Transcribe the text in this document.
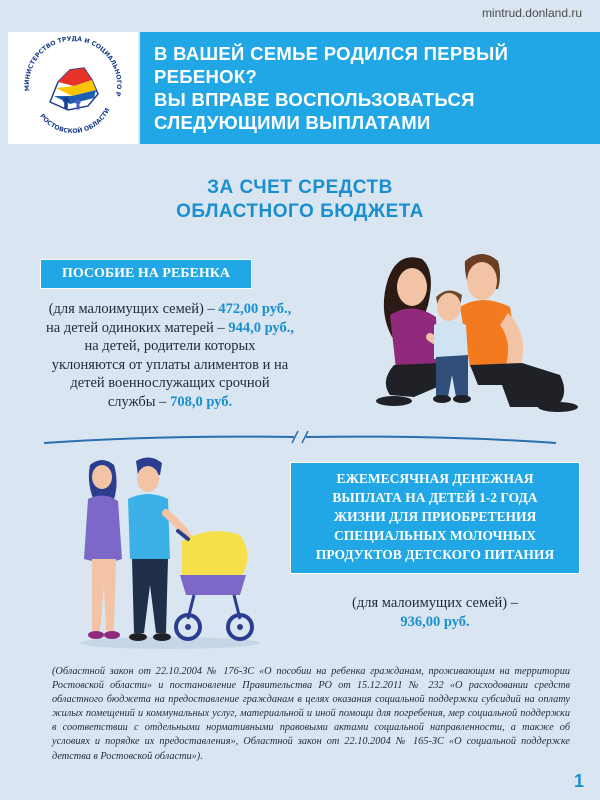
mintrud.donland.ru
МИНИСТЕРСТВО ТРУДА И СОЦИАЛЬНОГО Р
РОСТОВСКОЙ ОБЛАСТИ
В ВАШЕЙ СЕМЬЕ РОДИЛСЯ ПЕРВЫЙ
РЕБЕНОК?
ВЫ ВПРАВЕ ВОСПОЛЬЗОВАТЬСЯ
СЛЕДУЮЩИМИ ВЫПЛАТАМИ
ЗА СЧЕТ СРЕДСТВ
ОБЛАСТНОГО БЮДЖЕТА
ПОСОБИЕ НА РЕБЕНКА
(для малоимущих семей) – 472,00 руб.,
на детей одиноких матерей – 944,0 руб.,
на детей, родители которых
уклоняются от уплаты алиментов и на
детей военнослужащих срочной
службы – 708,0 руб.
ЕЖЕМЕСЯЧНАЯ ДЕНЕЖНАЯ
ВЫПЛАТА НА ДЕТЕЙ 1-2 ГОДА
ЖИЗНИ ДЛЯ ПРИОБРЕТЕНИЯ
СПЕЦИАЛЬНЫХ МОЛОЧНЫХ
ПРОДУКТОВ ДЕТСКОГО ПИТАНИЯ
(для малоимущих семей) –
936,00 руб.

(Областной закон от 22.10.2004 № 176-ЗС «О пособии на ребенка гражданам, проживающим на территории Ростовской области» и постановление Правительства РО от 15.12.2011 № 232 «О расходовании средств областного бюджета на предоставление гражданам в целях оказания социальной поддержки субсидий на оплату жилых помещений и коммунальных услуг, материальной и иной помощи для погребения, мер социальной поддержки в соответствии с отдельными нормативными правовыми актами социальной направленности, а также об условиях и порядке их предоставления», Областной закон от 22.10.2004 № 165-ЗС «О социальной поддержке детства в Ростовской области»).

1
